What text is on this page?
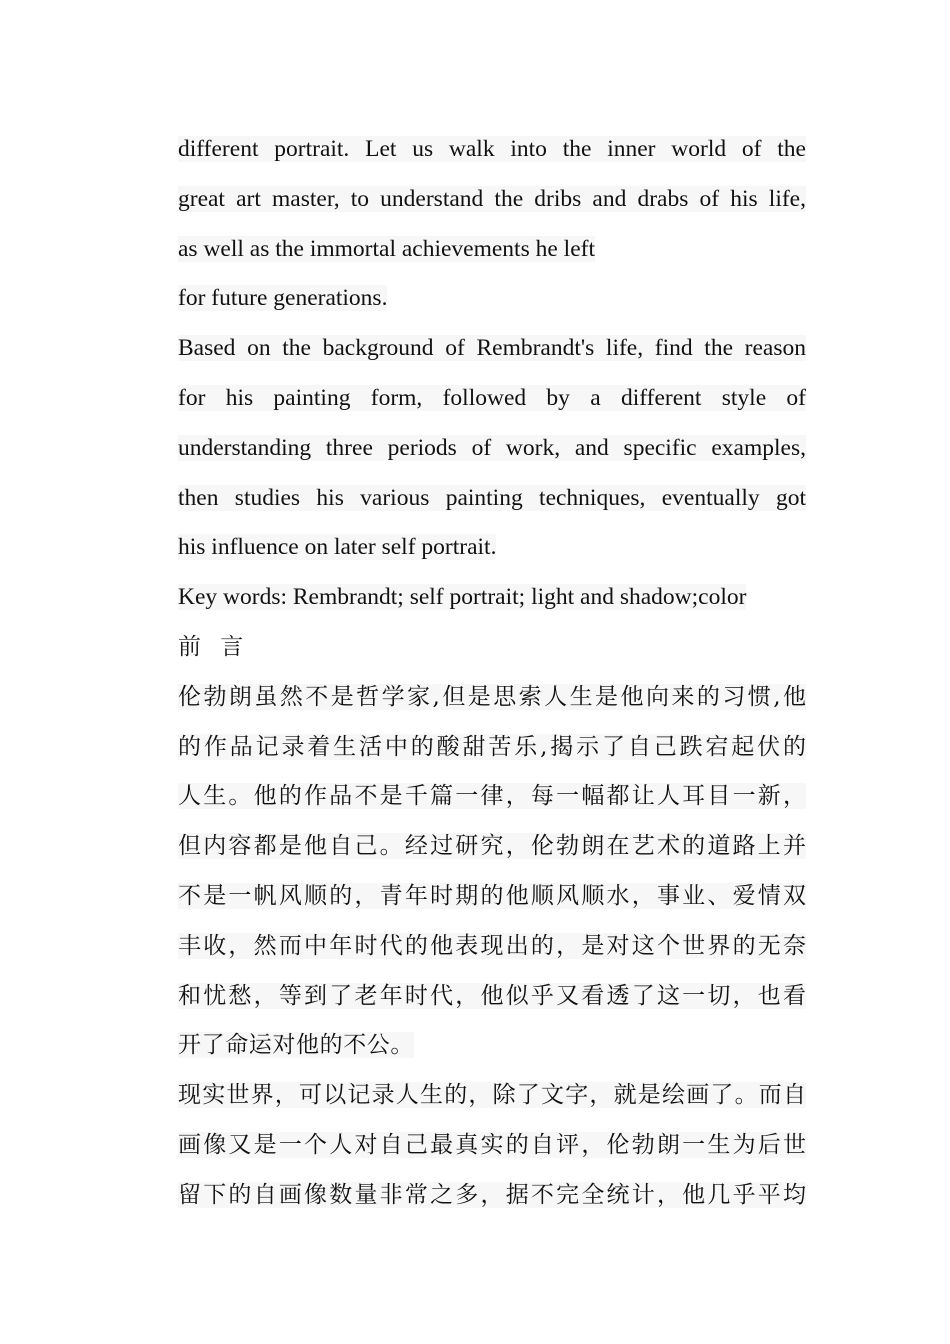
different portrait. Let us walk into the inner world of the
great art master, to understand the dribs and drabs of his life,
as well as the immortal achievements he left
for future generations.
Based on the background of Rembrandt's life, find the reason
for his painting form, followed by a different style of
understanding three periods of work, and specific examples,
then studies his various painting techniques, eventually got
his influence on later self portrait.
Key words: Rembrandt; self portrait; light and shadow;color
前 言
伦勃朗虽然不是哲学家,但是思索人生是他向来的习惯,他
的作品记录着生活中的酸甜苦乐,揭示了自己跌宕起伏的
人生。他的作品不是千篇一律，每一幅都让人耳目一新，
但内容都是他自己。经过研究，伦勃朗在艺术的道路上并
不是一帆风顺的，青年时期的他顺风顺水，事业、爱情双
丰收，然而中年时代的他表现出的，是对这个世界的无奈
和忧愁，等到了老年时代，他似乎又看透了这一切，也看
开了命运对他的不公。
现实世界，可以记录人生的，除了文字，就是绘画了。而自
画像又是一个人对自己最真实的自评，伦勃朗一生为后世
留下的自画像数量非常之多，据不完全统计，他几乎平均
